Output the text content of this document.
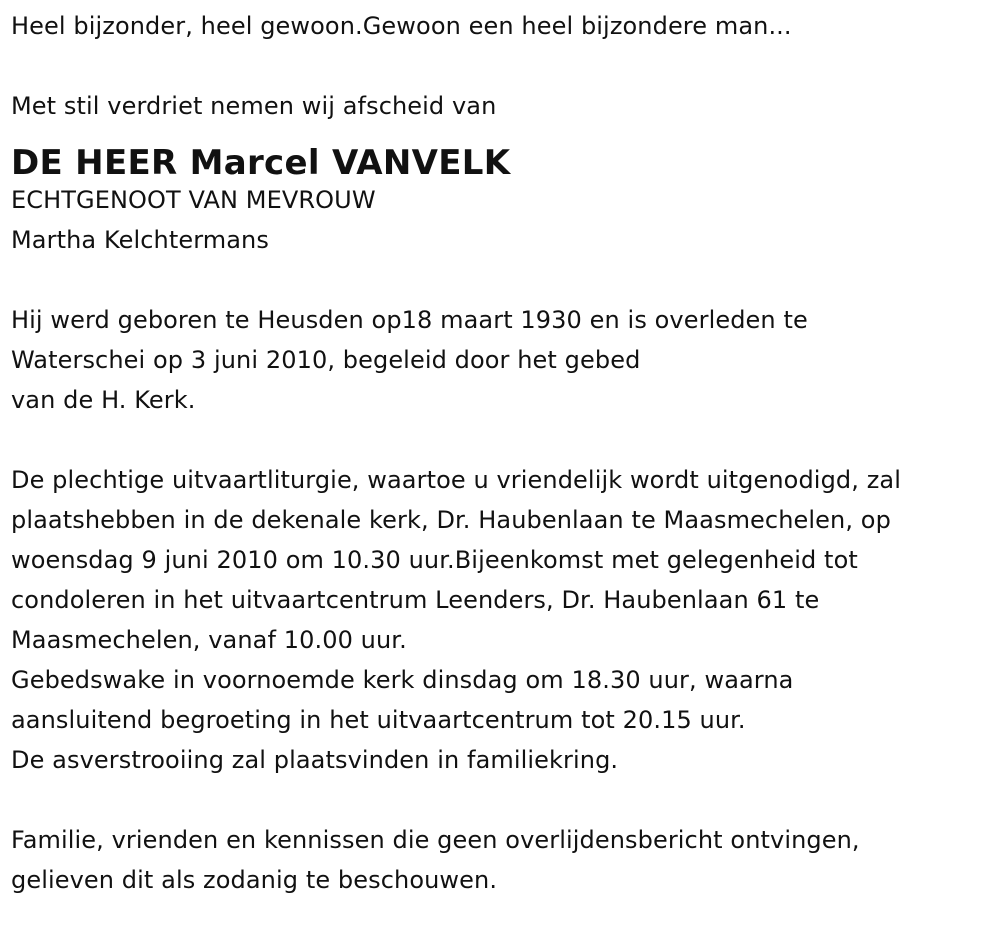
Heel bijzonder, heel gewoon.Gewoon een heel bijzondere man...
Met stil verdriet nemen wij afscheid van
DE HEER Marcel VANVELK
ECHTGENOOT VAN MEVROUW
Martha Kelchtermans
Hij werd geboren te Heusden op18 maart 1930 en is overleden te
Waterschei op 3 juni 2010, begeleid door het gebed
van de H. Kerk.
De plechtige uitvaartliturgie, waartoe u vriendelijk wordt uitgenodigd, zal
plaatshebben in de dekenale kerk, Dr. Haubenlaan te Maasmechelen, op
woensdag 9 juni 2010 om 10.30 uur.Bijeenkomst met gelegenheid tot
condoleren in het uitvaartcentrum Leenders, Dr. Haubenlaan 61 te
Maasmechelen, vanaf 10.00 uur.
Gebedswake in voornoemde kerk dinsdag om 18.30 uur, waarna
aansluitend begroeting in het uitvaartcentrum tot 20.15 uur.
De asverstrooiing zal plaatsvinden in familiekring.
Familie, vrienden en kennissen die geen overlijdensbericht ontvingen,
gelieven dit als zodanig te beschouwen.
